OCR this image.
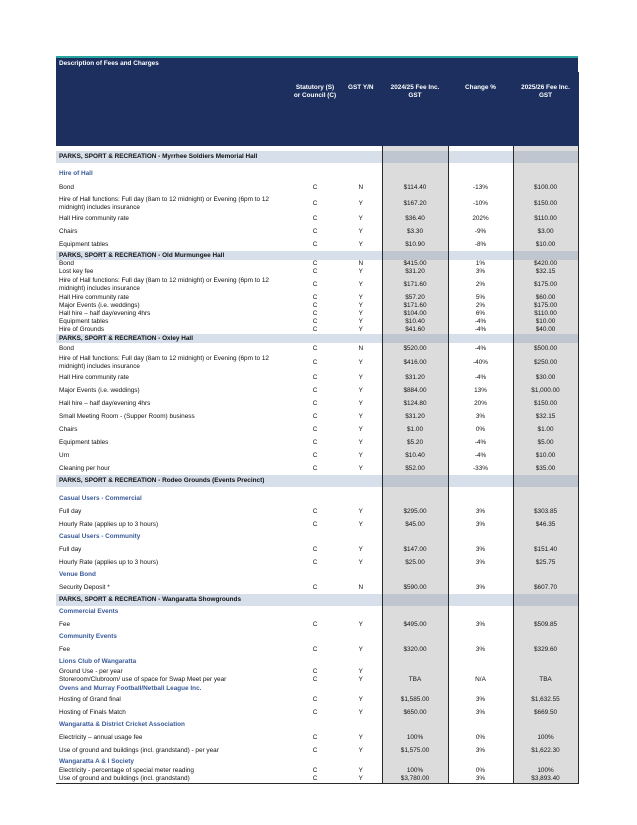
Description of Fees and Charges					
	Statutory (S) or Council (C)	GST Y/N	2024/25 Fee Inc. GST	Change %	2025/26 Fee Inc. GST

PARKS, SPORT & RECREATION - Myrrhee Soldiers Memorial Hall					

Hire of Hall					
Bond	C	N	$114.40	-13%	$100.00
Hire of Hall functions: Full day (8am to 12 midnight) or Evening (6pm to 12 midnight) includes insurance	C	Y	$167.20	-10%	$150.00
Hall Hire community rate	C	Y	$36.40	202%	$110.00
Chairs	C	Y	$3.30	-9%	$3.00
Equipment tables	C	Y	$10.90	-8%	$10.00
PARKS, SPORT & RECREATION - Old Murmungee Hall					
Bond	C	N	$415.00	1%	$420.00
Lost key fee	C	Y	$31.20	3%	$32.15
Hire of Hall functions: Full day (8am to 12 midnight) or Evening (6pm to 12 midnight) includes insurance	C	Y	$171.60	2%	$175.00
Hall Hire community rate	C	Y	$57.20	5%	$60.00
Major Events (i.e. weddings)	C	Y	$171.60	2%	$175.00
Hall hire – half day/evening 4hrs	C	Y	$104.00	6%	$110.00
Equipment tables	C	Y	$10.40	-4%	$10.00
Hire of Grounds	C	Y	$41.60	-4%	$40.00
PARKS, SPORT & RECREATION - Oxley Hall					
Bond	C	N	$520.00	-4%	$500.00
Hire of Hall functions: Full day (8am to 12 midnight) or Evening (6pm to 12 midnight) includes insurance	C	Y	$416.00	-40%	$250.00
Hall Hire community rate	C	Y	$31.20	-4%	$30.00
Major Events (i.e. weddings)	C	Y	$884.00	13%	$1,000.00
Hall hire – half day/evening 4hrs	C	Y	$124.80	20%	$150.00
Small Meeting Room - (Supper Room) business	C	Y	$31.20	3%	$32.15
Chairs	C	Y	$1.00	0%	$1.00
Equipment tables	C	Y	$5.20	-4%	$5.00
Urn	C	Y	$10.40	-4%	$10.00
Cleaning per hour	C	Y	$52.00	-33%	$35.00
PARKS, SPORT & RECREATION - Rodeo Grounds (Events Precinct)					

Casual Users - Commercial					
Full day	C	Y	$295.00	3%	$303.85
Hourly Rate (applies up to 3 hours)	C	Y	$45.00	3%	$46.35
Casual Users - Community					
Full day	C	Y	$147.00	3%	$151.40
Hourly Rate (applies up to 3 hours)	C	Y	$25.00	3%	$25.75
Venue Bond					
Security Deposit *	C	N	$590.00	3%	$607.70
PARKS, SPORT & RECREATION - Wangaratta Showgrounds					
Commercial Events					
Fee	C	Y	$495.00	3%	$509.85
Community Events					
Fee	C	Y	$320.00	3%	$329.60
Lions Club of Wangaratta					
Ground Use - per year	C	Y			
Storeroom/Clubroom/ use of space for Swap Meet per year	C	Y	TBA	N/A	TBA
Ovens and Murray Football/Netball League Inc.					
Hosting of Grand final	C	Y	$1,585.00	3%	$1,632.55
Hosting of Finals Match	C	Y	$650.00	3%	$669.50
Wangaratta & District Cricket Association					
Electricity – annual usage fee	C	Y	100%	0%	100%
Use of ground and buildings (incl. grandstand) - per year	C	Y	$1,575.00	3%	$1,622.30
Wangaratta A & I Society					
Electricity - percentage of special meter reading	C	Y	100%	0%	100%
Use of ground and buildings (incl. grandstand)	C	Y	$3,780.00	3%	$3,893.40
